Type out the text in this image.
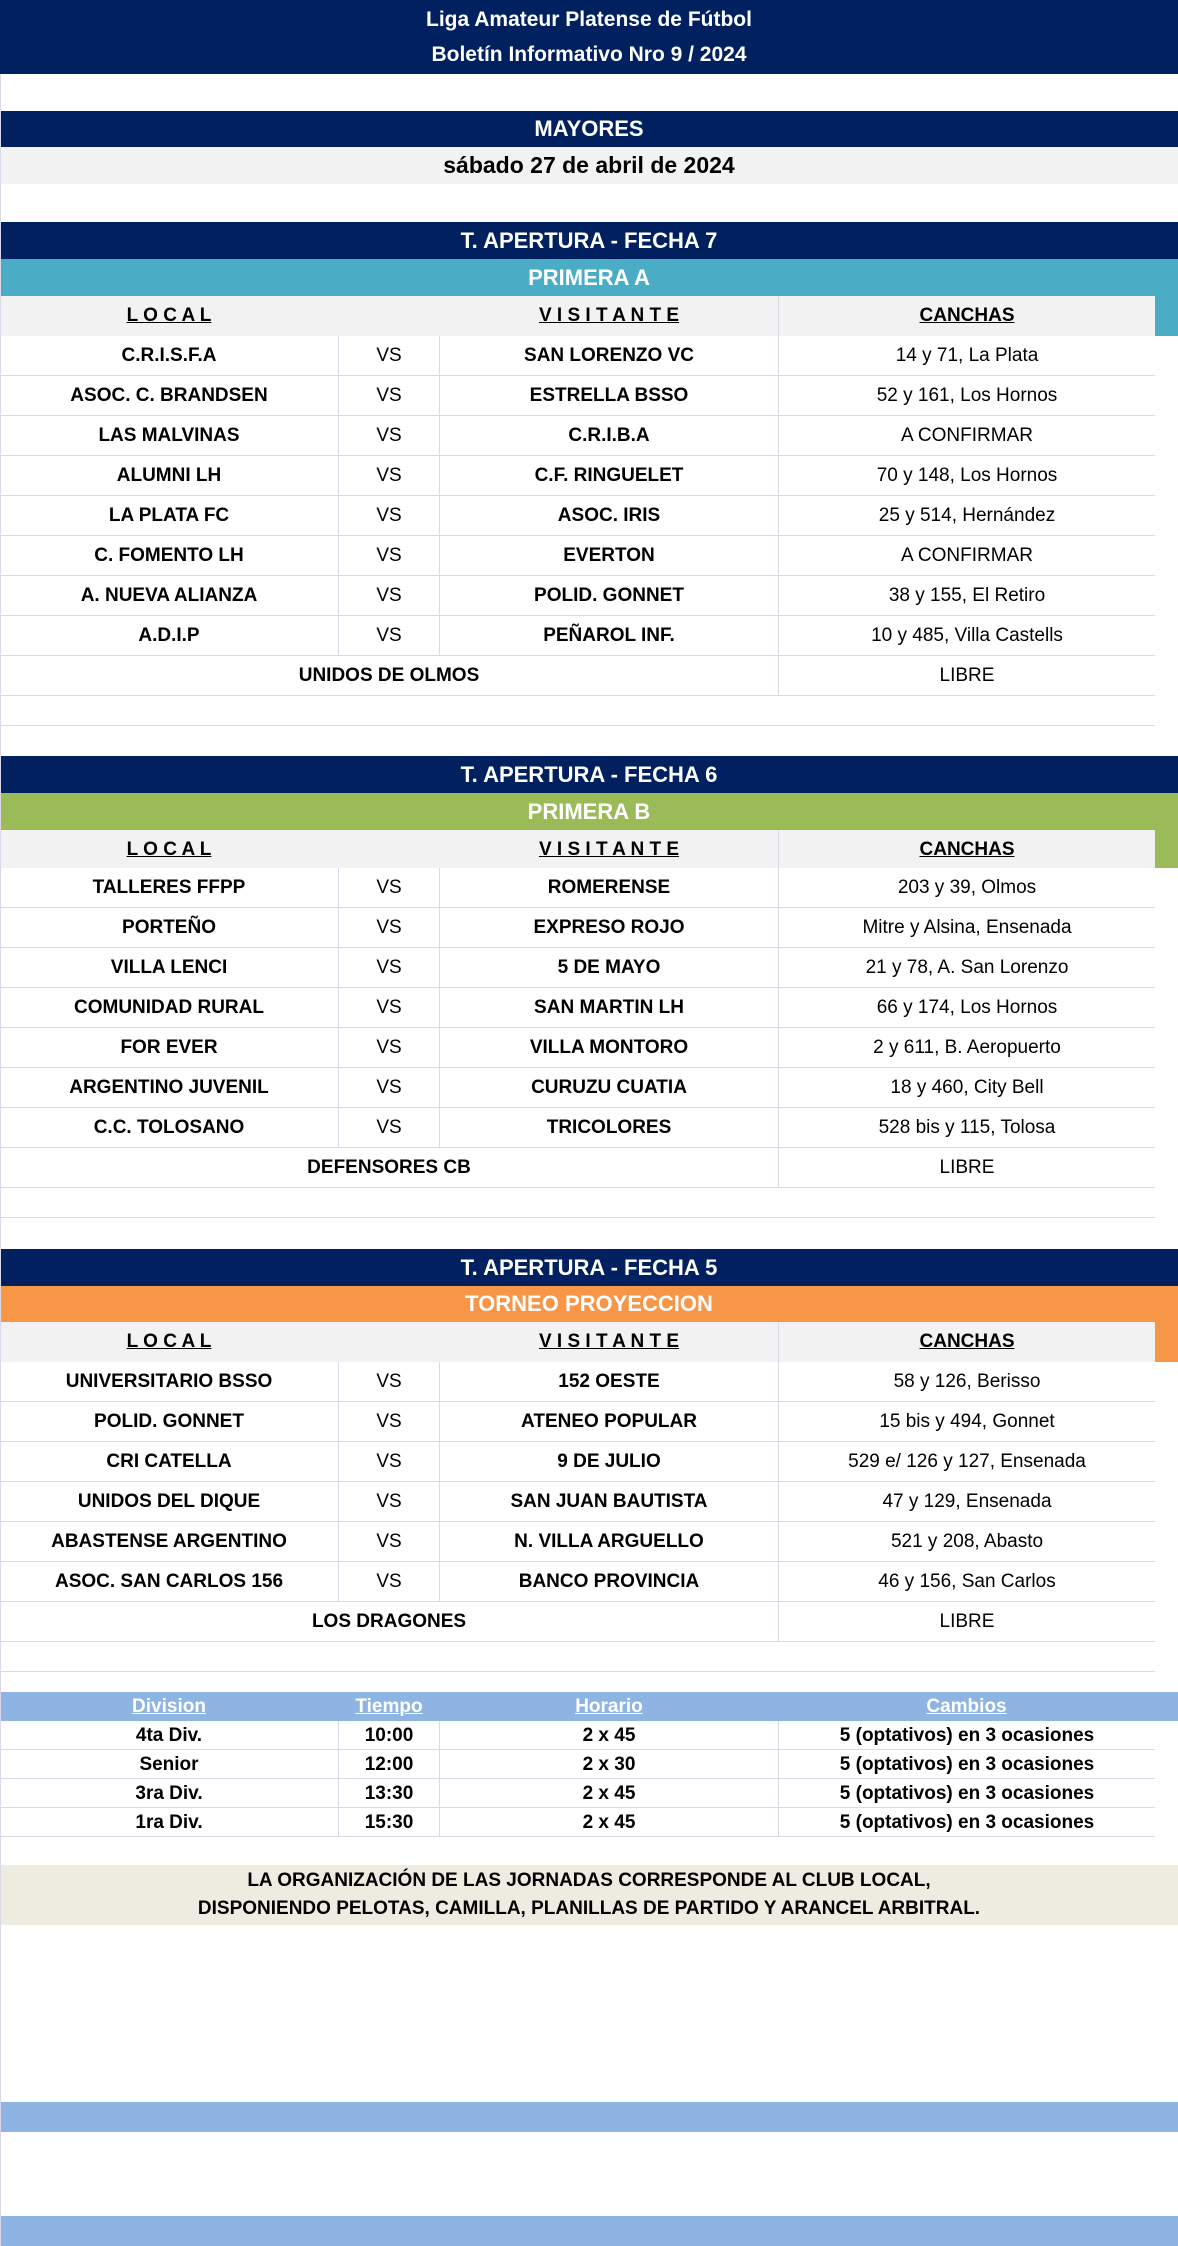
Liga Amateur Platense de Fútbol
Boletín Informativo Nro 9 / 2024
MAYORES
sábado 27 de abril de 2024
T. APERTURA - FECHA 7
PRIMERA A
L O C A L	V I S I T A N T E	CANCHAS
C.R.I.S.F.A	VS	SAN LORENZO VC	14 y 71, La Plata
ASOC. C. BRANDSEN	VS	ESTRELLA BSSO	52 y 161, Los Hornos
LAS MALVINAS	VS	C.R.I.B.A	A CONFIRMAR
ALUMNI LH	VS	C.F. RINGUELET	70 y 148, Los Hornos
LA PLATA FC	VS	ASOC. IRIS	25 y 514, Hernández
C. FOMENTO LH	VS	EVERTON	A CONFIRMAR
A. NUEVA ALIANZA	VS	POLID. GONNET	38 y 155, El Retiro
A.D.I.P	VS	PEÑAROL INF.	10 y 485, Villa Castells
UNIDOS DE OLMOS	LIBRE
T. APERTURA - FECHA 6
PRIMERA B
L O C A L	V I S I T A N T E	CANCHAS
TALLERES FFPP	VS	ROMERENSE	203 y 39, Olmos
PORTEÑO	VS	EXPRESO ROJO	Mitre y Alsina, Ensenada
VILLA LENCI	VS	5 DE MAYO	21 y 78, A. San Lorenzo
COMUNIDAD RURAL	VS	SAN MARTIN LH	66 y 174, Los Hornos
FOR EVER	VS	VILLA MONTORO	2 y 611, B. Aeropuerto
ARGENTINO JUVENIL	VS	CURUZU CUATIA	18 y 460, City Bell
C.C. TOLOSANO	VS	TRICOLORES	528 bis y 115, Tolosa
DEFENSORES CB	LIBRE
T. APERTURA - FECHA 5
TORNEO PROYECCION
L O C A L	V I S I T A N T E	CANCHAS
UNIVERSITARIO BSSO	VS	152 OESTE	58 y 126, Berisso
POLID. GONNET	VS	ATENEO POPULAR	15 bis y 494, Gonnet
CRI CATELLA	VS	9 DE JULIO	529 e/ 126 y 127, Ensenada
UNIDOS DEL DIQUE	VS	SAN JUAN BAUTISTA	47 y 129, Ensenada
ABASTENSE ARGENTINO	VS	N. VILLA ARGUELLO	521 y 208, Abasto
ASOC. SAN CARLOS 156	VS	BANCO PROVINCIA	46 y 156, San Carlos
LOS DRAGONES	LIBRE
Division	Tiempo	Horario	Cambios
4ta Div.	10:00	2 x 45	5 (optativos) en 3 ocasiones
Senior	12:00	2 x 30	5 (optativos) en 3 ocasiones
3ra Div.	13:30	2 x 45	5 (optativos) en 3 ocasiones
1ra Div.	15:30	2 x 45	5 (optativos) en 3 ocasiones
LA ORGANIZACIÓN DE LAS JORNADAS CORRESPONDE AL CLUB LOCAL,
DISPONIENDO PELOTAS, CAMILLA, PLANILLAS DE PARTIDO Y ARANCEL ARBITRAL.
